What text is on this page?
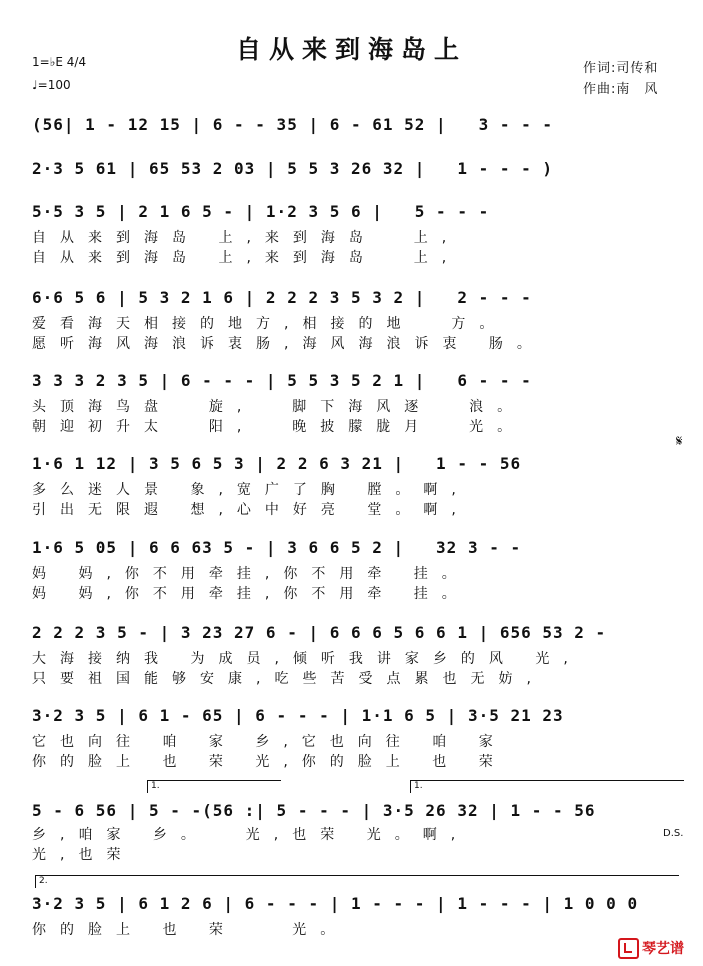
自从来到海岛上
1=♭E 4/4
♩=100
作词:司传和
作曲:南　风
(56| 1 - 12 15 | 6 - - 35 | 6 - 61 52 |   3 - - -
2·3 5 61 | 65 53 2 03 | 5 5 3 26 32 |   1 - - - )
5·5 3 5 | 2 1 6 5 - | 1·2 3 5 6 |   5 - - -
自从来到海岛 上,来到海岛  上,
自从来到海岛 上,来到海岛  上,
6·6 5 6 | 5 3 2 1 6 | 2 2 2 3 5 3 2 |   2 - - -
爱看海天相接的地方,相接的地  方。
愿听海风海浪诉衷肠,海风海浪诉衷 肠。
3 3 3 2 3 5 | 6 - - - | 5 5 3 5 2 1 |   6 - - -
头顶海鸟盘  旋,  脚下海风逐  浪。
朝迎初升太  阳,  晚披朦胧月  光。
1·6 1 12 | 3 5 6 5 3 | 2 2 6 3 21 |   1 - - 56
多么迷人景 象,宽广了胸 膛。啊,
引出无限遐 想,心中好亮 堂。啊,
1·6 5 05 | 6 6 63 5 - | 3 6 6 5 2 |   32 3 - -
妈 妈,你不用牵挂,你不用牵 挂。
妈 妈,你不用牵挂,你不用牵 挂。
2 2 2 3 5 - | 3 23 27 6 - | 6 6 6 5 6 6 1 | 656 53 2 -
大海接纳我 为成员,倾听我讲家乡的风 光,
只要祖国能够安康,吃些苦受点累也无妨,
3·2 3 5 | 6 1 - 65 | 6 - - - | 1·1 6 5 | 3·5 21 23
它也向往 咱 家 乡,它也向往 咱 家
你的脸上 也 荣 光,你的脸上 也 荣
5 - 6 56 | 5 - -(56 :| 5 - - - | 3·5 26 32 | 1 - - 56
乡,咱家 乡。  光,也荣 光。啊,
光,也荣
3·2 3 5 | 6 1 2 6 | 6 - - - | 1 - - - | 1 - - - | 1 0 0 0
你的脸上 也 荣   光。
1.	1.
2.
𝄋
D.S.
琴艺谱
